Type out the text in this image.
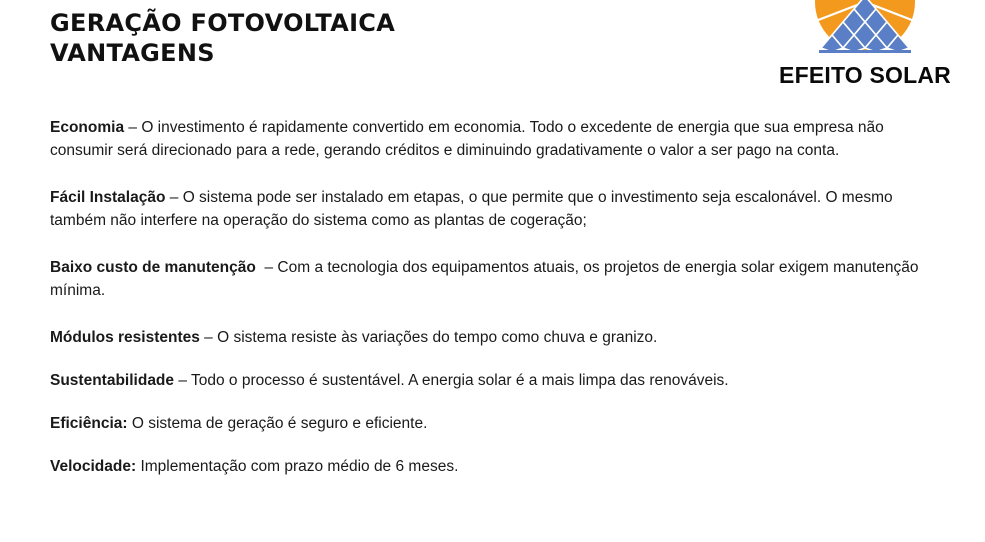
GERAÇÃO FOTOVOLTAICA
VANTAGENS
EFEITO SOLAR

Economia – O investimento é rapidamente convertido em economia. Todo o excedente de energia que sua empresa não consumir será direcionado para a rede, gerando créditos e diminuindo gradativamente o valor a ser pago na conta.

Fácil Instalação – O sistema pode ser instalado em etapas, o que permite que o investimento seja escalonável. O mesmo também não interfere na operação do sistema como as plantas de cogeração;

Baixo custo de manutenção  – Com a tecnologia dos equipamentos atuais, os projetos de energia solar exigem manutenção mínima.

Módulos resistentes – O sistema resiste às variações do tempo como chuva e granizo.

Sustentabilidade – Todo o processo é sustentável. A energia solar é a mais limpa das renováveis.

Eficiência: O sistema de geração é seguro e eficiente.

Velocidade: Implementação com prazo médio de 6 meses.
